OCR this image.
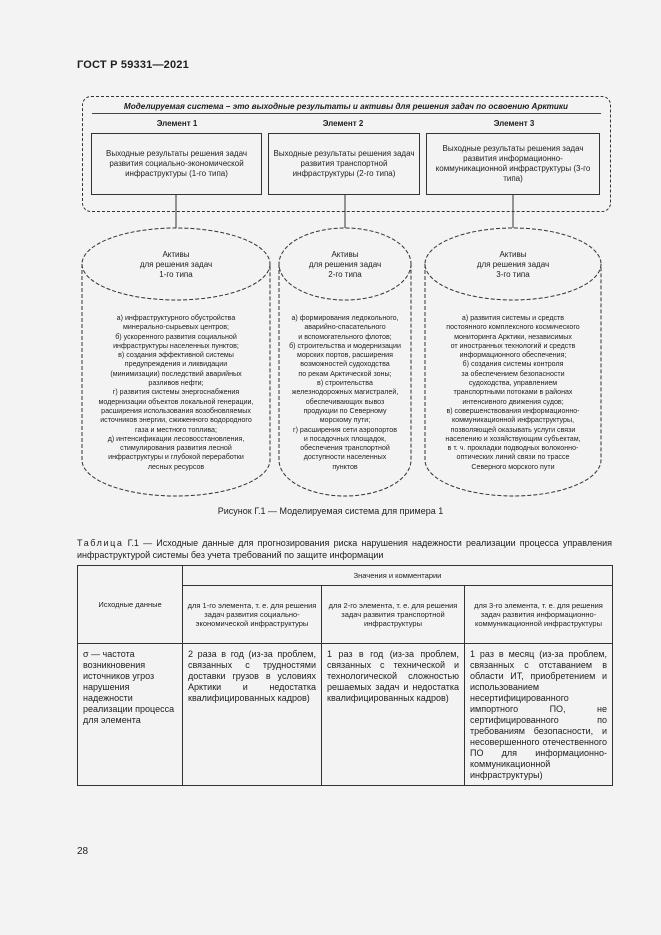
ГОСТ Р 59331—2021
Моделируемая система – это выходные результаты и активы для решения задач по освоению Арктики
Элемент 1	Элемент 2	Элемент 3
Выходные результаты решения задач развития социально-экономической инфраструктуры (1-го типа)
Выходные результаты решения задач развития транспортной инфраструктуры (2-го типа)
Выходные результаты решения задач развития информационно-коммуникационной инфраструктуры (3-го типа)
Активы
для решения задач
1-го типа
Активы
для решения задач
2-го типа
Активы
для решения задач
3-го типа
а) инфраструктурного обустройства
минерально-сырьевых центров;
б) ускоренного развития социальной
инфраструктуры населенных пунктов;
в) создания эффективной системы
предупреждения и ликвидации
(минимизации) последствий аварийных
разливов нефти;
г) развития системы энергоснабжения
модернизации объектов локальной генерации,
расширения использования возобновляемых
источников энергии, сжиженного водородного
газа и местного топлива;
д) интенсификации лесовосстановления,
стимулирования развития лесной
инфраструктуры и глубокой переработки
лесных ресурсов
а) формирования ледокольного,
аварийно-спасательного
и вспомогательного флотов;
б) строительства и модернизации
морских портов, расширения
возможностей судоходства
по рекам Арктической зоны;
в) строительства
железнодорожных магистралей,
обеспечивающих вывоз
продукции по Северному
морскому пути;
г) расширения сети аэропортов
и посадочных площадок,
обеспечения транспортной
доступности населенных
пунктов
а) развития системы и средств
постоянного комплексного космического
мониторинга Арктики, независимых
от иностранных технологий и средств
информационного обеспечения;
б) создания системы контроля
за обеспечением безопасности
судоходства, управлением
транспортными потоками в районах
интенсивного движения судов;
в) совершенствования информационно-
коммуникационной инфраструктуры,
позволяющей оказывать услуги связи
населению и хозяйствующим субъектам,
в т. ч. прокладки подводных волоконно-
оптических линий связи по трассе
Северного морского пути
Рисунок Г.1 — Моделируемая система для примера 1
Таблица Г.1 — Исходные данные для прогнозирования риска нарушения надежности реализации процесса управления инфраструктурой системы без учета требований по защите информации
Исходные данные	Значения и комментарии		
	для 1-го элемента, т. е. для решения задач развития социально-экономической инфраструктуры	для 2-го элемента, т. е. для решения задач развития транспортной инфраструктуры	для 3-го элемента, т. е. для решения задач развития информационно-коммуникационной инфраструктуры
σ — частота возникновения источников угроз нарушения надежности реализации процесса для элемента	2 раза в год (из-за проблем, связанных с трудностями доставки грузов в условиях Арктики и недостатка квалифицированных кадров)	1 раз в год (из-за проблем, связанных с технической и технологической сложностью решаемых задач и недостатка квалифицированных кадров)	1 раз в месяц (из-за проблем, связанных с отставанием в области ИТ, приобретением и использованием несертифицированного импортного ПО, не сертифицированного по требованиям безопасности, и несовершенного отечественного ПО для информационно-коммуникационной инфраструктуры)
28
